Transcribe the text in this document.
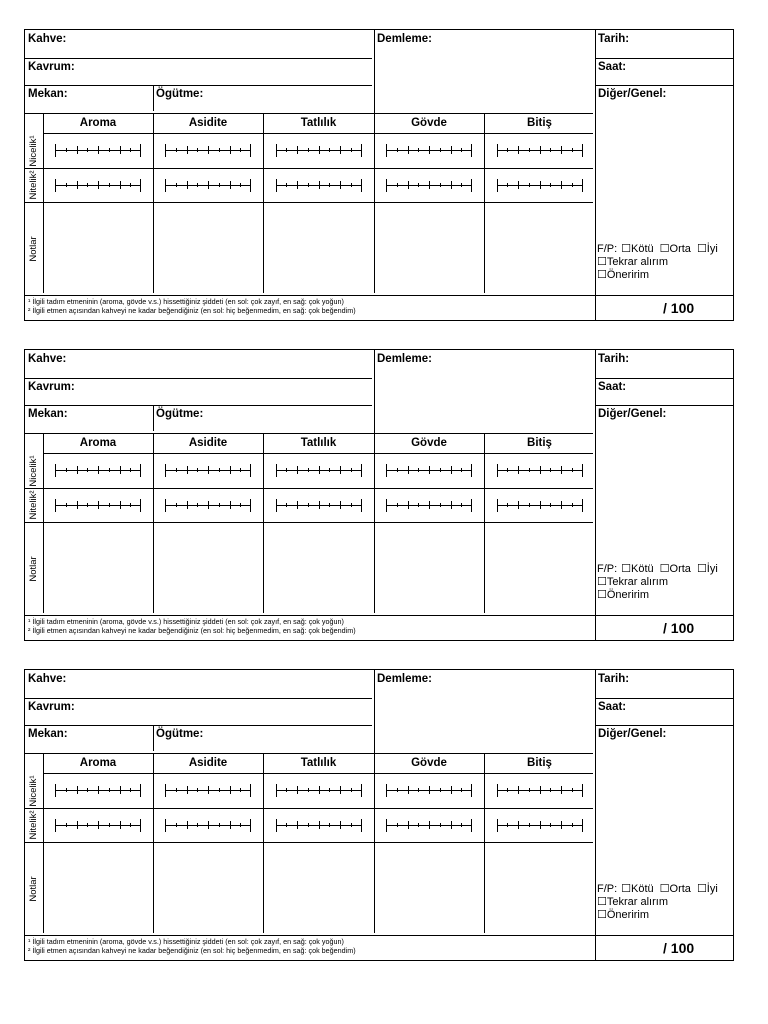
Kahve:	Demleme:	Tarih:
Kavrum:	Saat:
Mekan:	Ögütme:	Diğer/Genel:
Aroma	Asidite	Tatlılık	Gövde	Bitiş
Nicelik¹
Nitelik²
Notlar	F/P: ☐Kötü ☐Orta ☐İyi
☐Tekrar alırım
☐Öneririm
¹ İlgili tadım etmeninin (aroma, gövde v.s.) hissettiğiniz şiddeti (en sol: çok zayıf, en sağ: çok yoğun)
² İlgili etmen açısından kahveyi ne kadar beğendiğiniz (en sol: hiç beğenmedim, en sağ: çok beğendim)	/ 100
Kahve:	Demleme:	Tarih:
Kavrum:	Saat:
Mekan:	Ögütme:	Diğer/Genel:
Aroma	Asidite	Tatlılık	Gövde	Bitiş
Nicelik¹
Nitelik²
Notlar	F/P: ☐Kötü ☐Orta ☐İyi
☐Tekrar alırım
☐Öneririm
¹ İlgili tadım etmeninin (aroma, gövde v.s.) hissettiğiniz şiddeti (en sol: çok zayıf, en sağ: çok yoğun)
² İlgili etmen açısından kahveyi ne kadar beğendiğiniz (en sol: hiç beğenmedim, en sağ: çok beğendim)	/ 100
Kahve:	Demleme:	Tarih:
Kavrum:	Saat:
Mekan:	Ögütme:	Diğer/Genel:
Aroma	Asidite	Tatlılık	Gövde	Bitiş
Nicelik¹
Nitelik²
Notlar	F/P: ☐Kötü ☐Orta ☐İyi
☐Tekrar alırım
☐Öneririm
¹ İlgili tadım etmeninin (aroma, gövde v.s.) hissettiğiniz şiddeti (en sol: çok zayıf, en sağ: çok yoğun)
² İlgili etmen açısından kahveyi ne kadar beğendiğiniz (en sol: hiç beğenmedim, en sağ: çok beğendim)	/ 100
